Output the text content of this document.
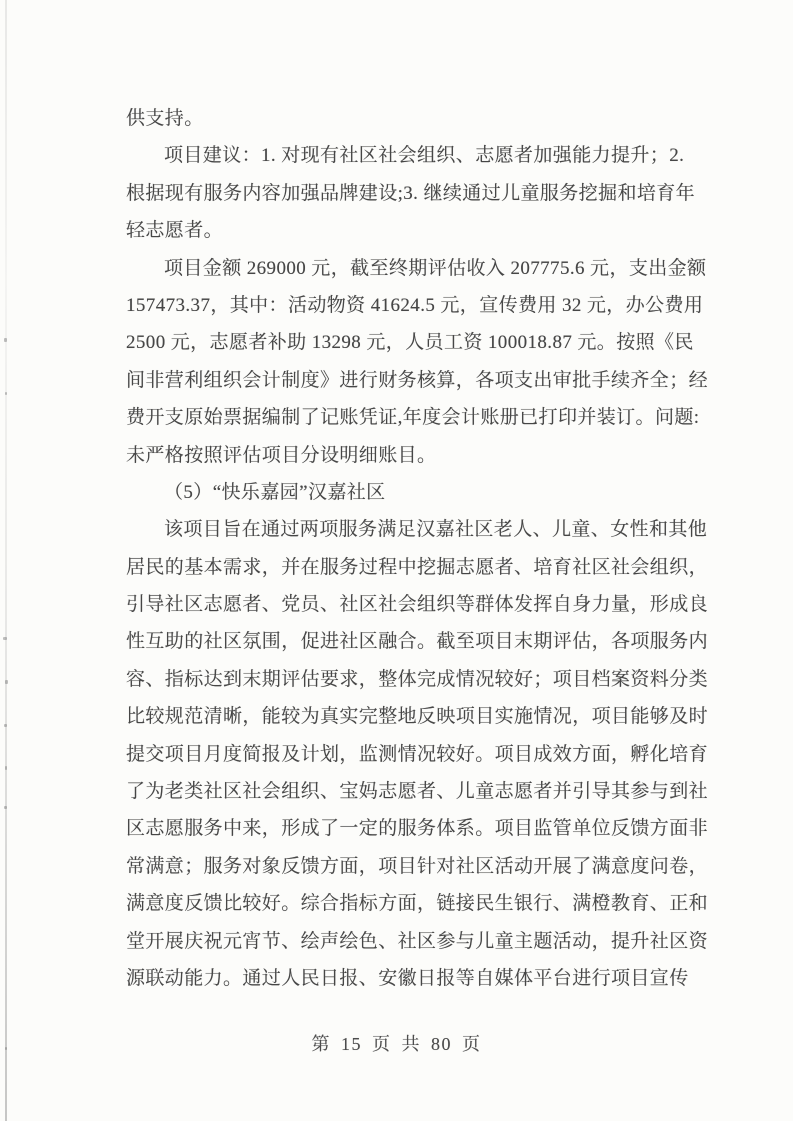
供支持。
项目建议：1. 对现有社区社会组织、志愿者加强能力提升；2.
根据现有服务内容加强品牌建设;3. 继续通过儿童服务挖掘和培育年
轻志愿者。
项目金额 269000 元，截至终期评估收入 207775.6 元，支出金额
157473.37，其中：活动物资 41624.5 元，宣传费用 32 元，办公费用
2500 元，志愿者补助 13298 元，人员工资 100018.87 元。按照《民
间非营利组织会计制度》进行财务核算，各项支出审批手续齐全；经
费开支原始票据编制了记账凭证,年度会计账册已打印并装订。问题:
未严格按照评估项目分设明细账目。
（5）“快乐嘉园”汉嘉社区
该项目旨在通过两项服务满足汉嘉社区老人、儿童、女性和其他
居民的基本需求，并在服务过程中挖掘志愿者、培育社区社会组织，
引导社区志愿者、党员、社区社会组织等群体发挥自身力量，形成良
性互助的社区氛围，促进社区融合。截至项目末期评估，各项服务内
容、指标达到末期评估要求，整体完成情况较好；项目档案资料分类
比较规范清晰，能较为真实完整地反映项目实施情况，项目能够及时
提交项目月度简报及计划，监测情况较好。项目成效方面，孵化培育
了为老类社区社会组织、宝妈志愿者、儿童志愿者并引导其参与到社
区志愿服务中来，形成了一定的服务体系。项目监管单位反馈方面非
常满意；服务对象反馈方面，项目针对社区活动开展了满意度问卷，
满意度反馈比较好。综合指标方面，链接民生银行、满橙教育、正和
堂开展庆祝元宵节、绘声绘色、社区参与儿童主题活动，提升社区资
源联动能力。通过人民日报、安徽日报等自媒体平台进行项目宣传
第 15 页 共 80 页
